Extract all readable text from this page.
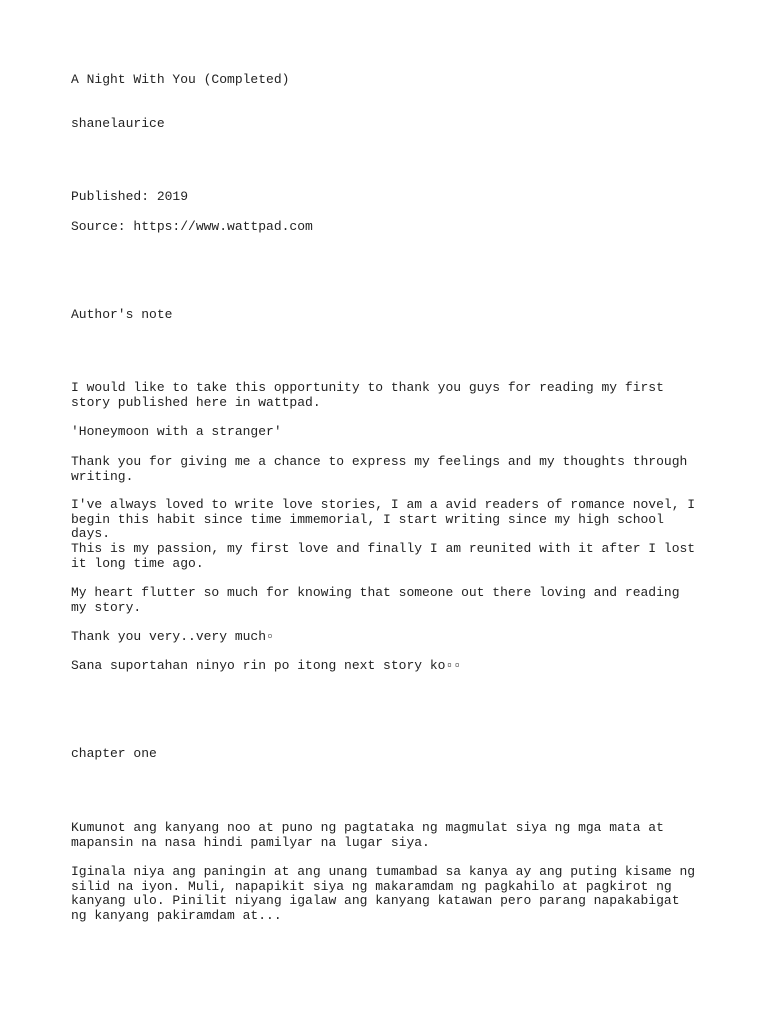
A Night With You (Completed)

shanelaurice

Published: 2019

Source: https://www.wattpad.com

Author's note

I would like to take this opportunity to thank you guys for reading my first story published here in wattpad.

'Honeymoon with a stranger'

Thank you for giving me a chance to express my feelings and my thoughts through writing.

I've always loved to write love stories, I am a avid readers of romance novel, I begin this habit since time immemorial, I start writing since my high school days.

This is my passion, my first love and finally I am reunited with it after I lost it long time ago.

My heart flutter so much for knowing that someone out there loving and reading my story.

Thank you very..very much▫

Sana suportahan ninyo rin po itong next story ko▫▫

chapter one

Kumunot ang kanyang noo at puno ng pagtataka ng magmulat siya ng mga mata at mapansin na nasa hindi pamilyar na lugar siya.

Iginala niya ang paningin at ang unang tumambad sa kanya ay ang puting kisame ng silid na iyon. Muli, napapikit siya ng makaramdam ng pagkahilo at pagkirot ng kanyang ulo. Pinilit niyang igalaw ang kanyang katawan pero parang napakabigat ng kanyang pakiramdam at...
